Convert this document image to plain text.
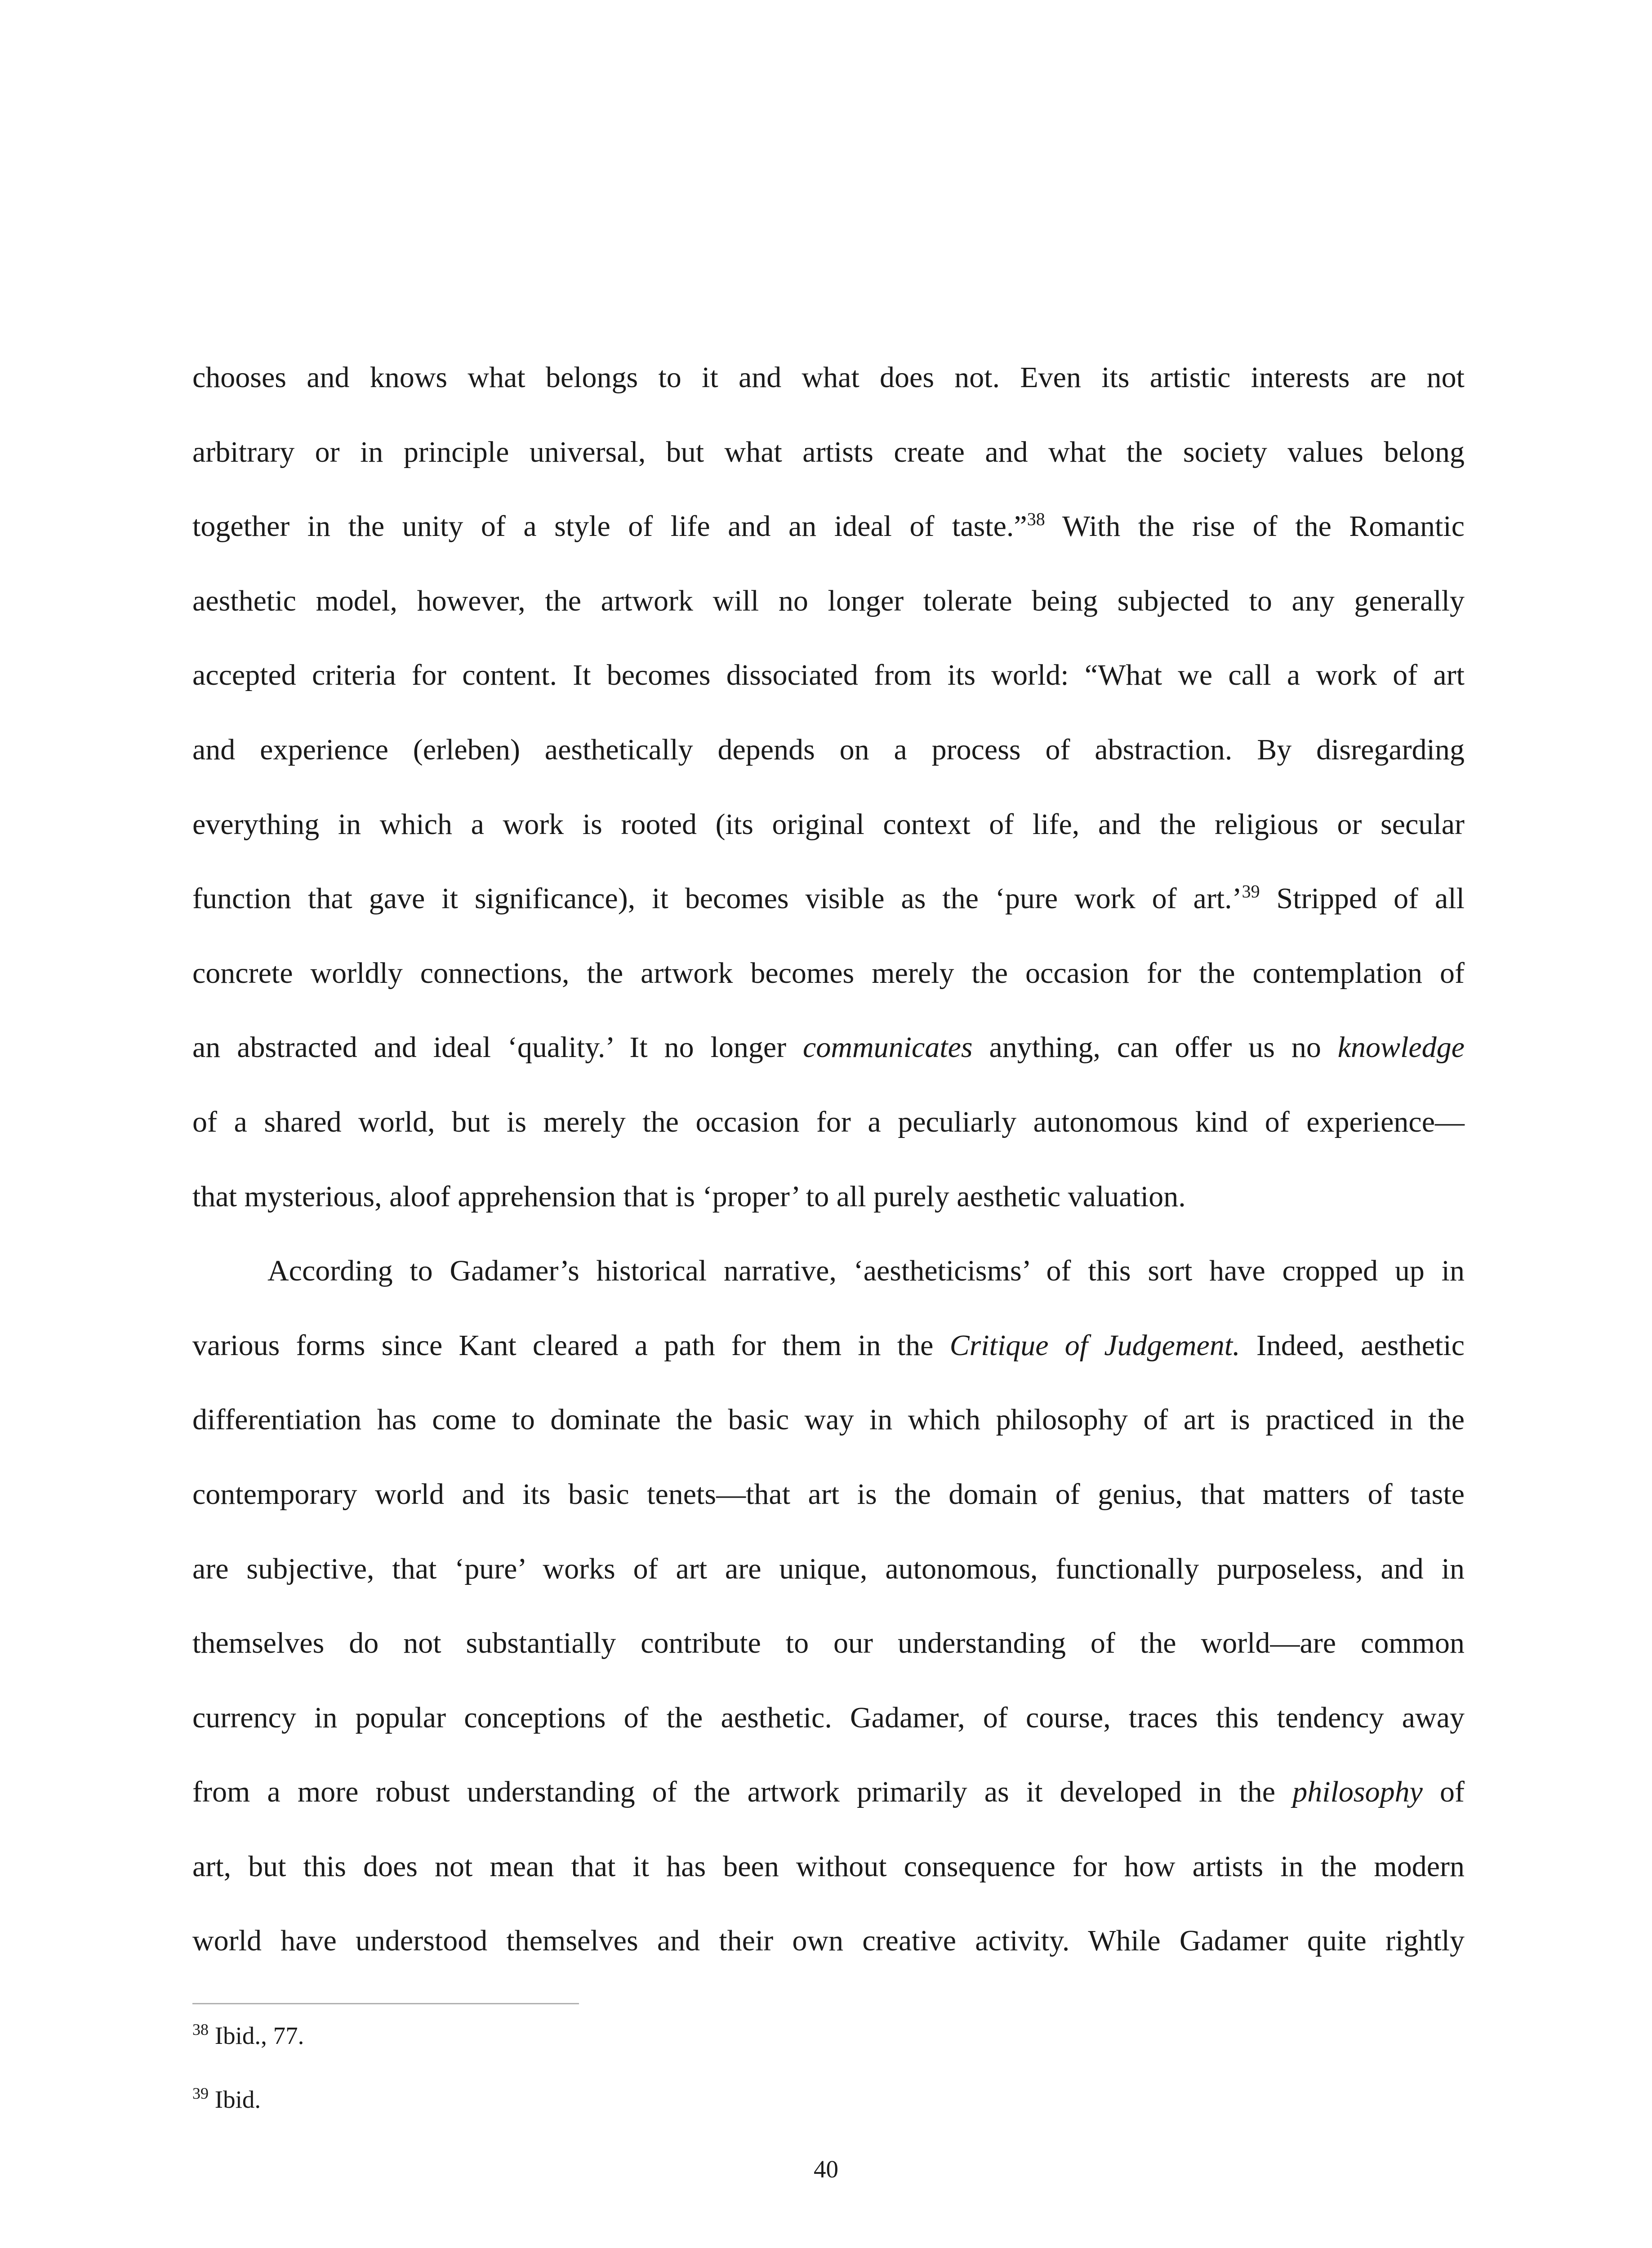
chooses and knows what belongs to it and what does not. Even its artistic interests are not
arbitrary or in principle universal, but what artists create and what the society values belong
together in the unity of a style of life and an ideal of taste.”$^{38}$ With the rise of the Romantic
aesthetic model, however, the artwork will no longer tolerate being subjected to any generally
accepted criteria for content. It becomes dissociated from its world: “What we call a work of art
and experience (erleben) aesthetically depends on a process of abstraction. By disregarding
everything in which a work is rooted (its original context of life, and the religious or secular
function that gave it significance), it becomes visible as the ‘pure work of art.’$^{39}$ Stripped of all
concrete worldly connections, the artwork becomes merely the occasion for the contemplation of
an abstracted and ideal ‘quality.’ It no longer communicates anything, can offer us no knowledge
of a shared world, but is merely the occasion for a peculiarly autonomous kind of experience—
that mysterious, aloof apprehension that is ‘proper’ to all purely aesthetic valuation.
According to Gadamer’s historical narrative, ‘aestheticisms’ of this sort have cropped up in
various forms since Kant cleared a path for them in the Critique of Judgement. Indeed, aesthetic
differentiation has come to dominate the basic way in which philosophy of art is practiced in the
contemporary world and its basic tenets—that art is the domain of genius, that matters of taste
are subjective, that ‘pure’ works of art are unique, autonomous, functionally purposeless, and in
themselves do not substantially contribute to our understanding of the world—are common
currency in popular conceptions of the aesthetic. Gadamer, of course, traces this tendency away
from a more robust understanding of the artwork primarily as it developed in the philosophy of
art, but this does not mean that it has been without consequence for how artists in the modern
world have understood themselves and their own creative activity. While Gadamer quite rightly
$^{38}$ Ibid., 77.
$^{39}$ Ibid.
40
